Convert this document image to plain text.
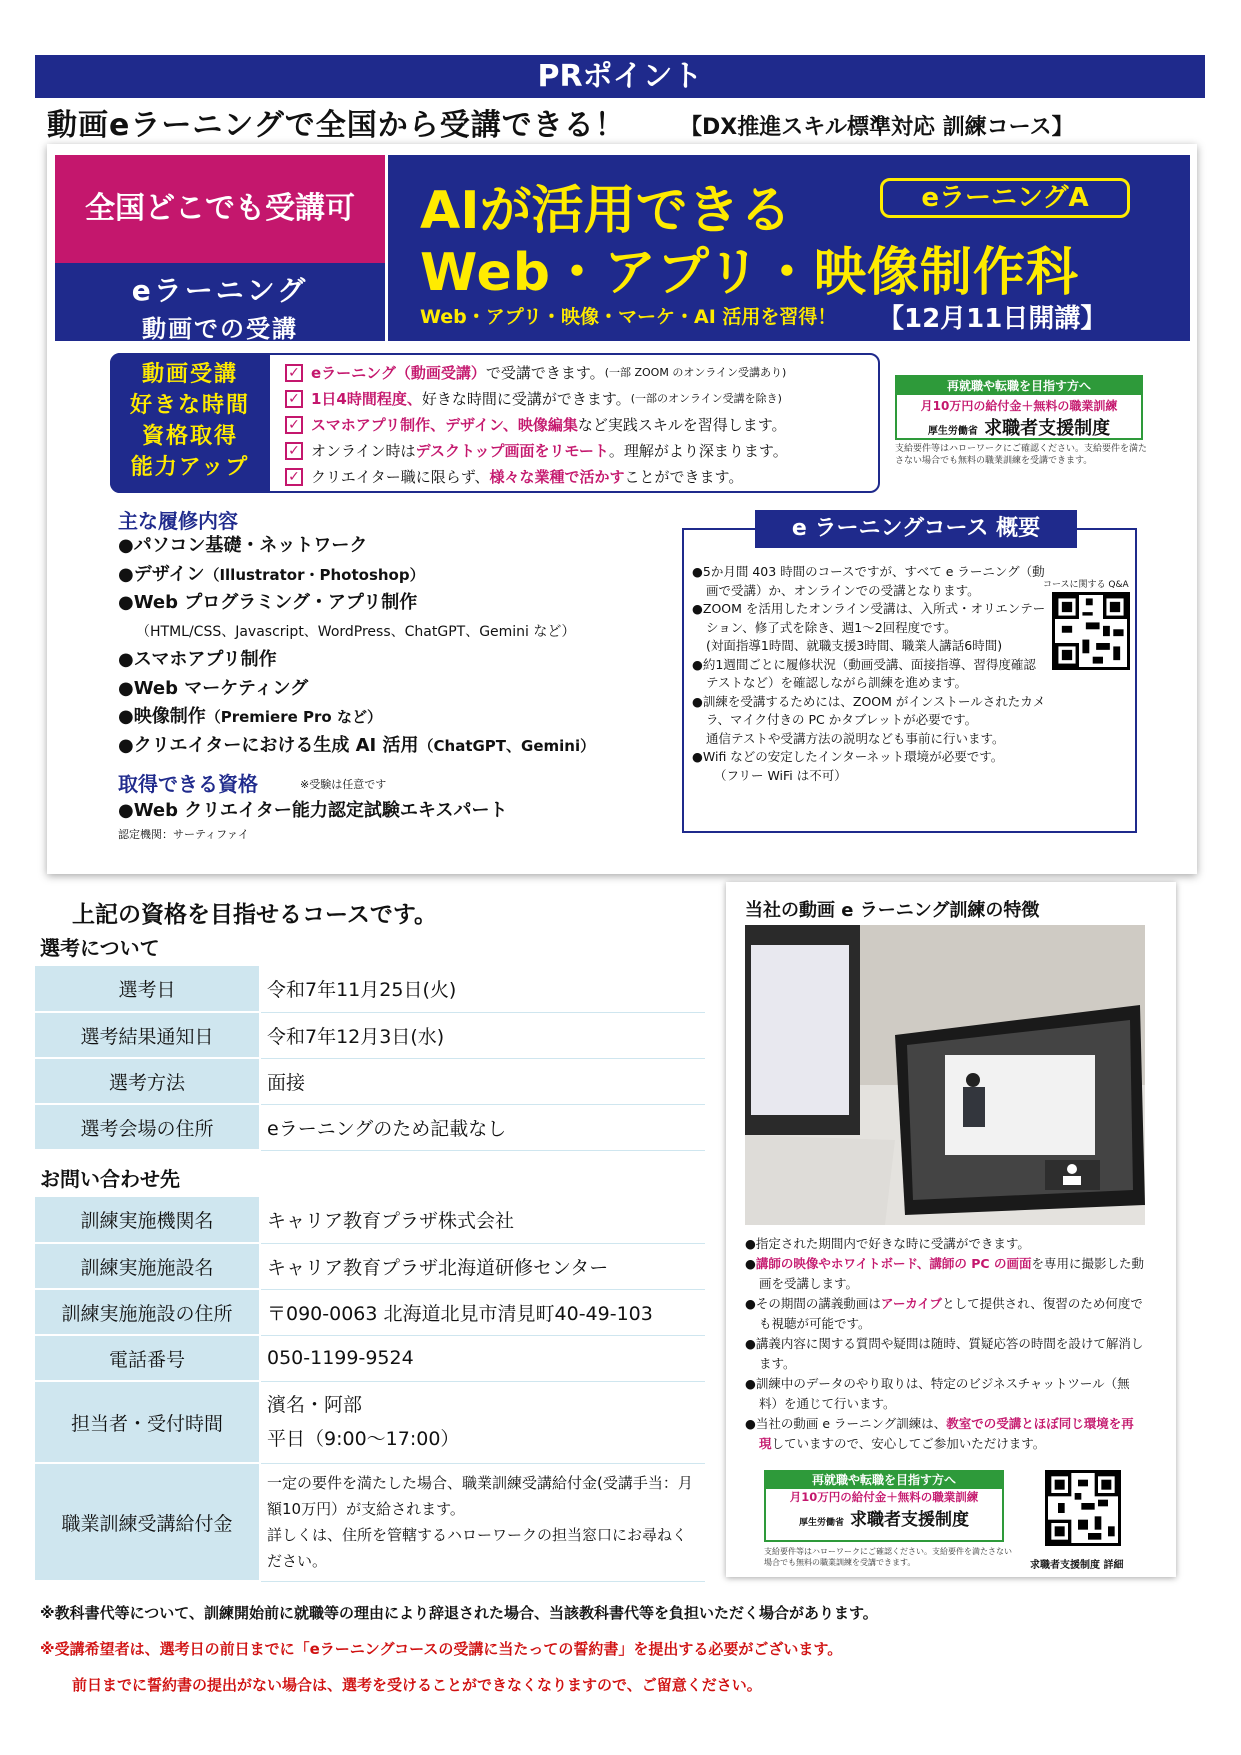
PRポイント
動画eラーニングで全国から受講できる！ 【DX推進スキル標準対応 訓練コース】
全国どこでも受講可
eラーニング
動画での受講
AIが活用できる	eラーニングA
Web・アプリ・映像制作科
Web・アプリ・映像・マーケ・AI 活用を習得！ 【12月11日開講】
動画受講
好きな時間
資格取得
能力アップ
✓ eラーニング（動画受講） で受講できます。 (一部 ZOOM のオンライン受講あり)
✓ 1日4時間程度、 好きな時間に受講ができます。 (一部のオンライン受講を除き)
✓ スマホアプリ制作、デザイン、映像編集 など実践スキルを習得します。
✓ オンライン時は デスクトップ画面をリモート 。理解がより深まります。
✓ クリエイター職に限らず、 様々な業種で活かす ことができます。
再就職や転職を目指す方へ
月10万円の給付金＋無料の職業訓練
厚生労働省 求職者支援制度
支給要件等はハローワークにご確認ください。支給要件を満たさない場合でも無料の職業訓練を受講できます。
主な履修内容
●パソコン基礎・ネットワーク
●デザイン（Illustrator・Photoshop）
●Web プログラミング・アプリ制作
（HTML/CSS、Javascript、WordPress、ChatGPT、Gemini など）
●スマホアプリ制作
●Web マーケティング
●映像制作（Premiere Pro など）
●クリエイターにおける生成 AI 活用（ChatGPT、Gemini）
取得できる資格	※受験は任意です
●Web クリエイター能力認定試験エキスパート
認定機関：サーティファイ
e ラーニングコース 概要
コースに関する Q&A
●5か月間 403 時間のコースですが、すべて e ラーニング（動画で受講）か、オンラインでの受講となります。
●ZOOM を活用したオンライン受講は、入所式・オリエンテーション、修了式を除き、週1～2回程度です。
(対面指導1時間、就職支援3時間、職業人講話6時間)
●約1週間ごとに履修状況（動画受講、面接指導、習得度確認テストなど）を確認しながら訓練を進めます。
●訓練を受講するためには、ZOOM がインストールされたカメラ、マイク付きの PC かタブレットが必要です。
通信テストや受講方法の説明なども事前に行います。
●Wifi などの安定したインターネット環境が必要です。
（フリー WiFi は不可）
上記の資格を目指せるコースです。
選考について
選考日	令和7年11月25日(火)
選考結果通知日	令和7年12月3日(水)
選考方法	面接
選考会場の住所	eラーニングのため記載なし
お問い合わせ先
訓練実施機関名	キャリア教育プラザ株式会社
訓練実施施設名	キャリア教育プラザ北海道研修センター
訓練実施施設の住所	〒090-0063 北海道北見市清見町40-49-103
電話番号	050-1199-9524
担当者・受付時間	濱名・阿部
平日（9:00～17:00）

職業訓練受講給付金	一定の要件を満たした場合、職業訓練受講給付金(受講手当：月額10万円）が支給されます。
詳しくは、住所を管轄するハローワークの担当窓口にお尋ねください。
当社の動画 e ラーニング訓練の特徴
●指定された期間内で好きな時に受講ができます。
●講師の映像やホワイトボード、講師の PC の画面を専用に撮影した動画を受講します。
●その期間の講義動画はアーカイブとして提供され、復習のため何度でも視聴が可能です。
●講義内容に関する質問や疑問は随時、質疑応答の時間を設けて解消します。
●訓練中のデータのやり取りは、特定のビジネスチャットツール（無料）を通じて行います。
●当社の動画 e ラーニング訓練は、教室での受講とほぼ同じ環境を再現していますので、安心してご参加いただけます。
再就職や転職を目指す方へ
月10万円の給付金＋無料の職業訓練
厚生労働省 求職者支援制度
支給要件等はハローワークにご確認ください。支給要件を満たさない場合でも無料の職業訓練を受講できます。	求職者支援制度 詳細
※教科書代等について、訓練開始前に就職等の理由により辞退された場合、当該教科書代等を負担いただく場合があります。
※受講希望者は、選考日の前日までに「eラーニングコースの受講に当たっての誓約書」を提出する必要がございます。
前日までに誓約書の提出がない場合は、選考を受けることができなくなりますので、ご留意ください。
